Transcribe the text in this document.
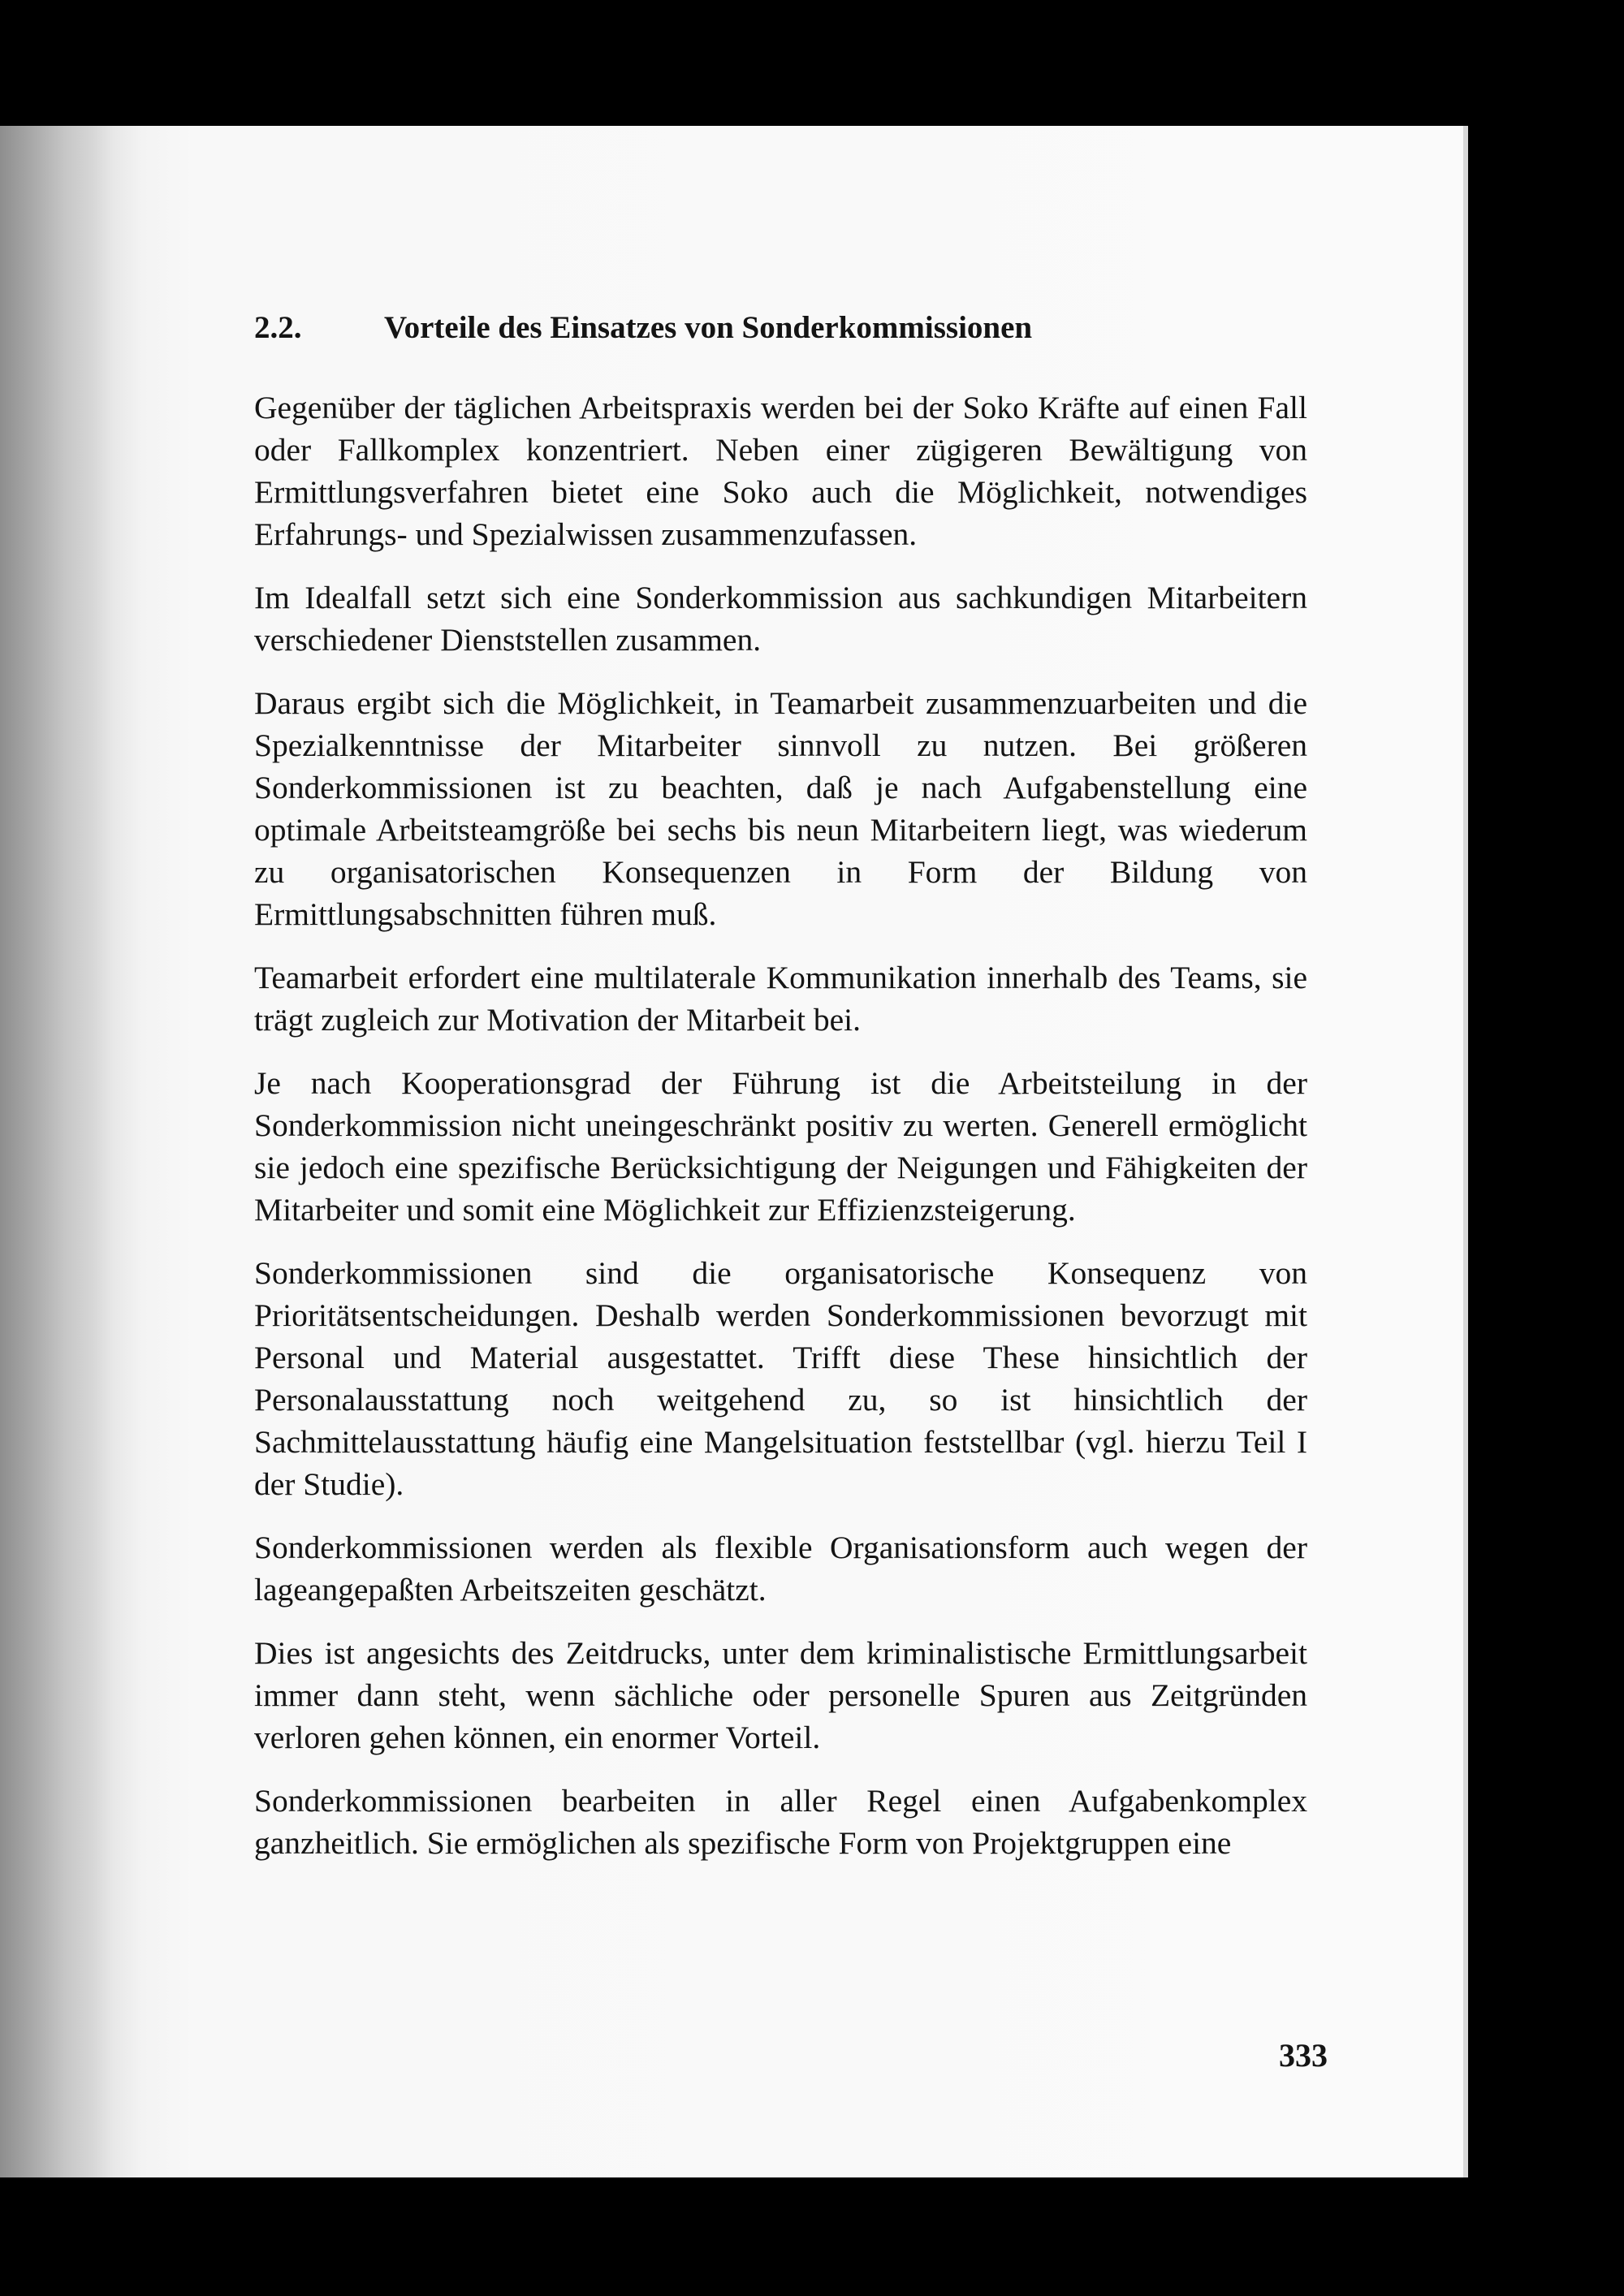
2.2.	Vorteile des Einsatzes von Sonderkommissionen

Gegenüber der täglichen Arbeitspraxis werden bei der Soko Kräfte auf einen Fall oder Fallkomplex konzentriert. Neben einer zügigeren Bewältigung von Ermittlungsverfahren bietet eine Soko auch die Möglichkeit, notwendiges Erfahrungs- und Spezialwissen zusammenzufassen.

Im Idealfall setzt sich eine Sonderkommission aus sachkundigen Mitarbeitern verschiedener Dienststellen zusammen.

Daraus ergibt sich die Möglichkeit, in Teamarbeit zusammenzuarbeiten und die Spezialkenntnisse der Mitarbeiter sinnvoll zu nutzen. Bei größeren Sonderkommissionen ist zu beachten, daß je nach Aufgabenstellung eine optimale Arbeitsteamgröße bei sechs bis neun Mitarbeitern liegt, was wiederum zu organisatorischen Konsequenzen in Form der Bildung von Ermittlungsabschnitten führen muß.

Teamarbeit erfordert eine multilaterale Kommunikation innerhalb des Teams, sie trägt zugleich zur Motivation der Mitarbeit bei.

Je nach Kooperationsgrad der Führung ist die Arbeitsteilung in der Sonderkommission nicht uneingeschränkt positiv zu werten. Generell ermöglicht sie jedoch eine spezifische Berücksichtigung der Neigungen und Fähigkeiten der Mitarbeiter und somit eine Möglichkeit zur Effizienzsteigerung.

Sonderkommissionen sind die organisatorische Konsequenz von Prioritätsentscheidungen. Deshalb werden Sonderkommissionen bevorzugt mit Personal und Material ausgestattet. Trifft diese These hinsichtlich der Personalausstattung noch weitgehend zu, so ist hinsichtlich der Sachmittelausstattung häufig eine Mangelsituation feststellbar (vgl. hierzu Teil I der Studie).

Sonderkommissionen werden als flexible Organisationsform auch wegen der lageangepaßten Arbeitszeiten geschätzt.

Dies ist angesichts des Zeitdrucks, unter dem kriminalistische Ermittlungsarbeit immer dann steht, wenn sächliche oder personelle Spuren aus Zeitgründen verloren gehen können, ein enormer Vorteil.

Sonderkommissionen bearbeiten in aller Regel einen Aufgabenkomplex ganzheitlich. Sie ermöglichen als spezifische Form von Projektgruppen eine

333
